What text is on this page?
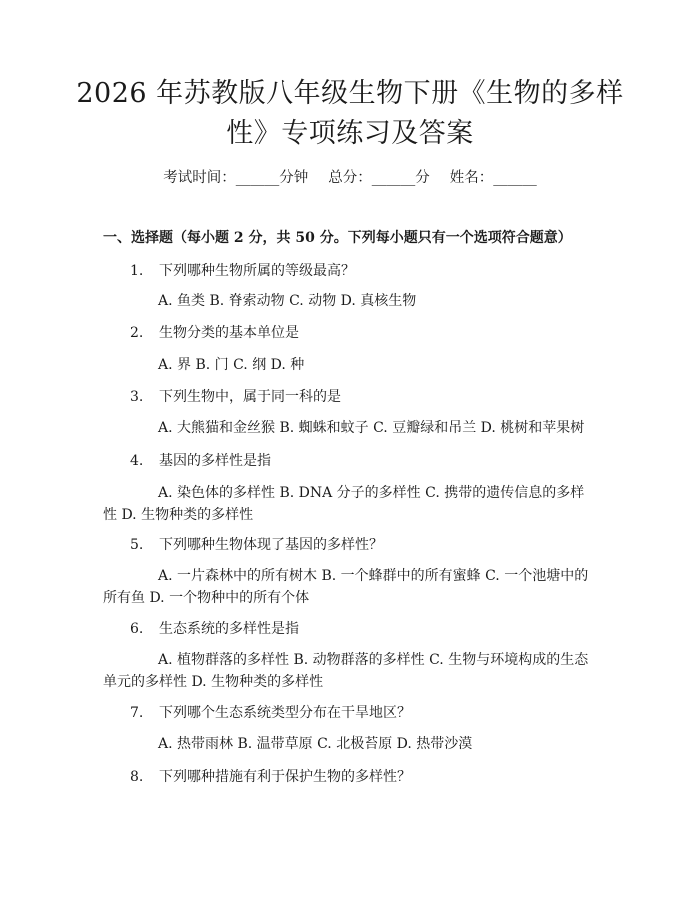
2026 年苏教版八年级生物下册《生物的多样性》专项练习及答案
考试时间：______分钟 总分：______分 姓名：______
一、选择题（每小题 2 分，共 50 分。下列每小题只有一个选项符合题意）
1. 下列哪种生物所属的等级最高？
A. 鱼类 B. 脊索动物 C. 动物 D. 真核生物
2. 生物分类的基本单位是
A. 界 B. 门 C. 纲 D. 种
3. 下列生物中，属于同一科的是
A. 大熊猫和金丝猴 B. 蜘蛛和蚊子 C. 豆瓣绿和吊兰 D. 桃树和苹果树
4. 基因的多样性是指
A. 染色体的多样性 B. DNA 分子的多样性 C. 携带的遗传信息的多样性 D. 生物种类的多样性
5. 下列哪种生物体现了基因的多样性？
A. 一片森林中的所有树木 B. 一个蜂群中的所有蜜蜂 C. 一个池塘中的所有鱼 D. 一个物种中的所有个体
6. 生态系统的多样性是指
A. 植物群落的多样性 B. 动物群落的多样性 C. 生物与环境构成的生态单元的多样性 D. 生物种类的多样性
7. 下列哪个生态系统类型分布在干旱地区？
A. 热带雨林 B. 温带草原 C. 北极苔原 D. 热带沙漠
8. 下列哪种措施有利于保护生物的多样性？
